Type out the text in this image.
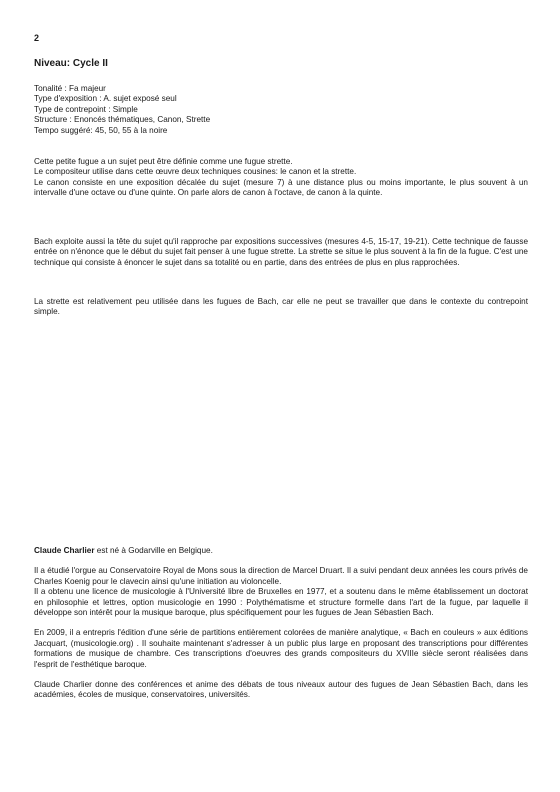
2
Niveau: Cycle II

Tonalité : Fa majeur

Type d'exposition : A. sujet exposé seul

Type de contrepoint : Simple

Structure : Enoncés thématiques, Canon, Strette

Tempo suggéré: 45, 50, 55 à la noire

Cette petite fugue a un sujet peut être définie comme une fugue strette.

Le compositeur utilise dans cette œuvre deux techniques cousines: le canon et la strette.

Le canon consiste en une exposition décalée du sujet (mesure 7) à une distance plus ou moins importante, le plus souvent à un intervalle d'une octave ou d'une quinte. On parle alors de canon à l'octave, de canon à la quinte.

Bach exploite aussi la tête du sujet qu'il rapproche par expositions successives (mesures 4-5, 15-17, 19-21). Cette technique de fausse entrée on n'énonce que le début du sujet fait penser à une fugue strette. La strette se situe le plus souvent à la fin de la fugue. C'est une technique qui consiste à énoncer le sujet dans sa totalité ou en partie, dans des entrées de plus en plus rapprochées.

La strette est relativement peu utilisée dans les fugues de Bach, car elle ne peut se travailler que dans le contexte du contrepoint simple.

Claude Charlier est né à Godarville en Belgique.

Il a étudié l'orgue au Conservatoire Royal de Mons sous la direction de Marcel Druart. Il a suivi pendant deux années les cours privés de Charles Koenig pour le clavecin ainsi qu'une initiation au violoncelle.

Il a obtenu une licence de musicologie à l'Université libre de Bruxelles en 1977, et a soutenu dans le même établissement un doctorat en philosophie et lettres, option musicologie en 1990 : Polythématisme et structure formelle dans l'art de la fugue, par laquelle il développe son intérêt pour la musique baroque, plus spécifiquement pour les fugues de Jean Sébastien Bach.

En 2009, il a entrepris l'édition d'une série de partitions entièrement colorées de manière analytique, « Bach en couleurs » aux éditions Jacquart, (musicologie.org) . Il souhaite maintenant s'adresser à un public plus large en proposant des transcriptions pour différentes formations de musique de chambre. Ces transcriptions d'oeuvres des grands compositeurs du XVIIIe siècle seront réalisées dans l'esprit de l'esthétique baroque.

Claude Charlier donne des conférences et anime des débats de tous niveaux autour des fugues de Jean Sébastien Bach, dans les académies, écoles de musique, conservatoires, universités.
